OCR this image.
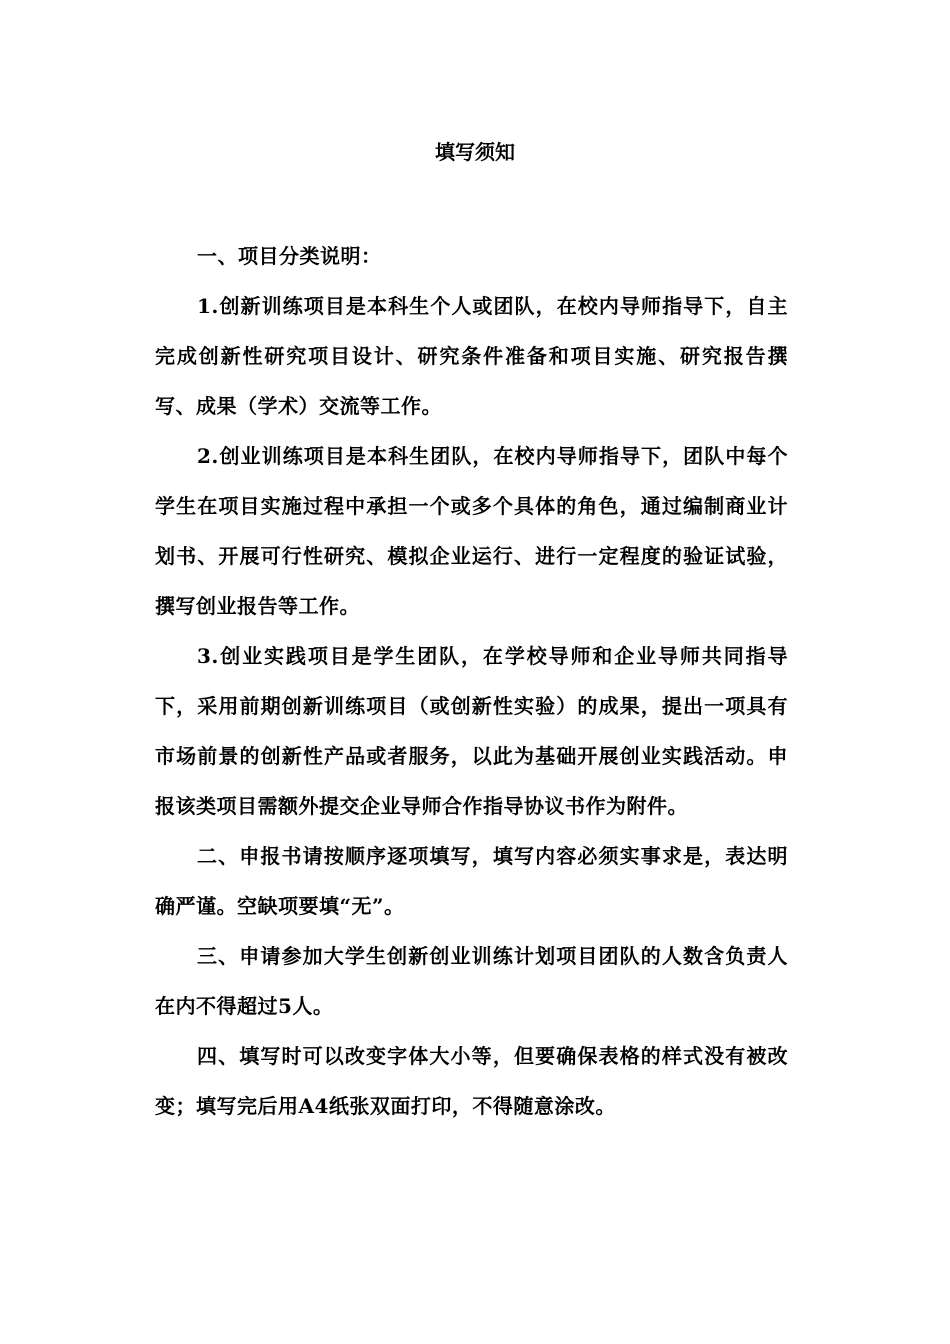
填写须知

一、项目分类说明：

1.创新训练项目是本科生个人或团队，在校内导师指导下，自主完成创新性研究项目设计、研究条件准备和项目实施、研究报告撰写、成果（学术）交流等工作。

2.创业训练项目是本科生团队，在校内导师指导下，团队中每个学生在项目实施过程中承担一个或多个具体的角色，通过编制商业计划书、开展可行性研究、模拟企业运行、进行一定程度的验证试验，撰写创业报告等工作。

3.创业实践项目是学生团队，在学校导师和企业导师共同指导下，采用前期创新训练项目（或创新性实验）的成果，提出一项具有市场前景的创新性产品或者服务，以此为基础开展创业实践活动。申报该类项目需额外提交企业导师合作指导协议书作为附件。

二、申报书请按顺序逐项填写，填写内容必须实事求是，表达明确严谨。空缺项要填“无”。

三、申请参加大学生创新创业训练计划项目团队的人数含负责人在内不得超过5人。

四、填写时可以改变字体大小等，但要确保表格的样式没有被改变；填写完后用A4纸张双面打印，不得随意涂改。
